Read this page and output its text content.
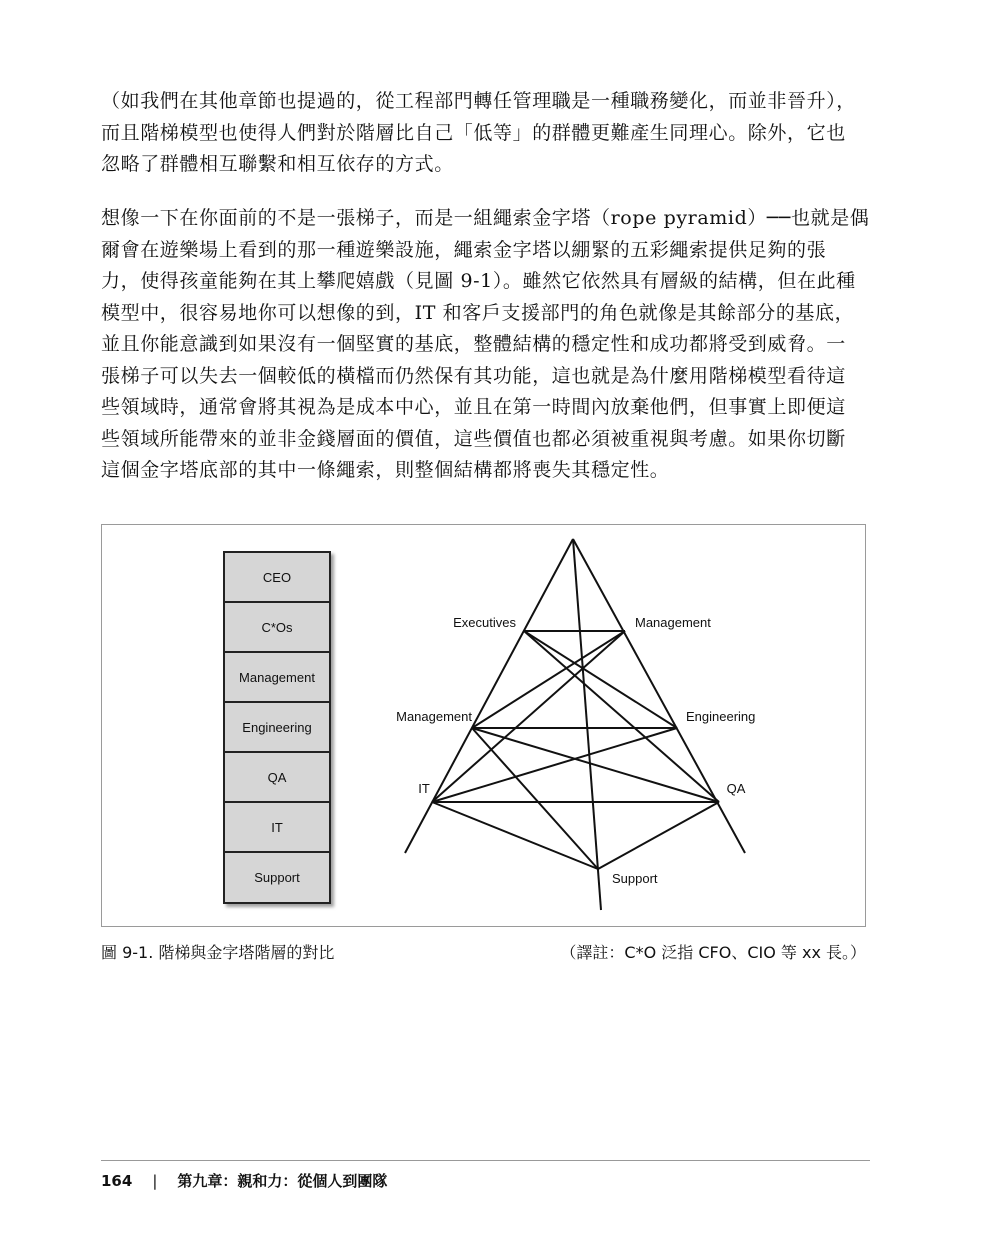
（如我們在其他章節也提過的，從工程部門轉任管理職是一種職務變化，而並非晉升），
而且階梯模型也使得人們對於階層比自己「低等」的群體更難產生同理心。除外，它也
忽略了群體相互聯繫和相互依存的方式。
想像一下在你面前的不是一張梯子，而是一組繩索金字塔（rope pyramid）──也就是偶
爾會在遊樂場上看到的那一種遊樂設施，繩索金字塔以綳緊的五彩繩索提供足夠的張
力，使得孩童能夠在其上攀爬嬉戲（見圖 9-1）。雖然它依然具有層級的結構，但在此種
模型中，很容易地你可以想像的到，IT 和客戶支援部門的角色就像是其餘部分的基底，
並且你能意識到如果沒有一個堅實的基底，整體結構的穩定性和成功都將受到威脅。一
張梯子可以失去一個較低的橫檔而仍然保有其功能，這也就是為什麼用階梯模型看待這
些領域時，通常會將其視為是成本中心，並且在第一時間內放棄他們，但事實上即便這
些領域所能帶來的並非金錢層面的價值，這些價值也都必須被重視與考慮。如果你切斷
這個金字塔底部的其中一條繩索，則整個結構都將喪失其穩定性。
CEO
C*Os
Management
Engineering
QA
IT
Support
Executives	Management
Management	Engineering
IT	QA
Support
圖 9-1. 階梯與金字塔階層的對比	（譯註：C*O 泛指 CFO、CIO 等 xx 長。）
164 | 第九章：親和力：從個人到團隊
